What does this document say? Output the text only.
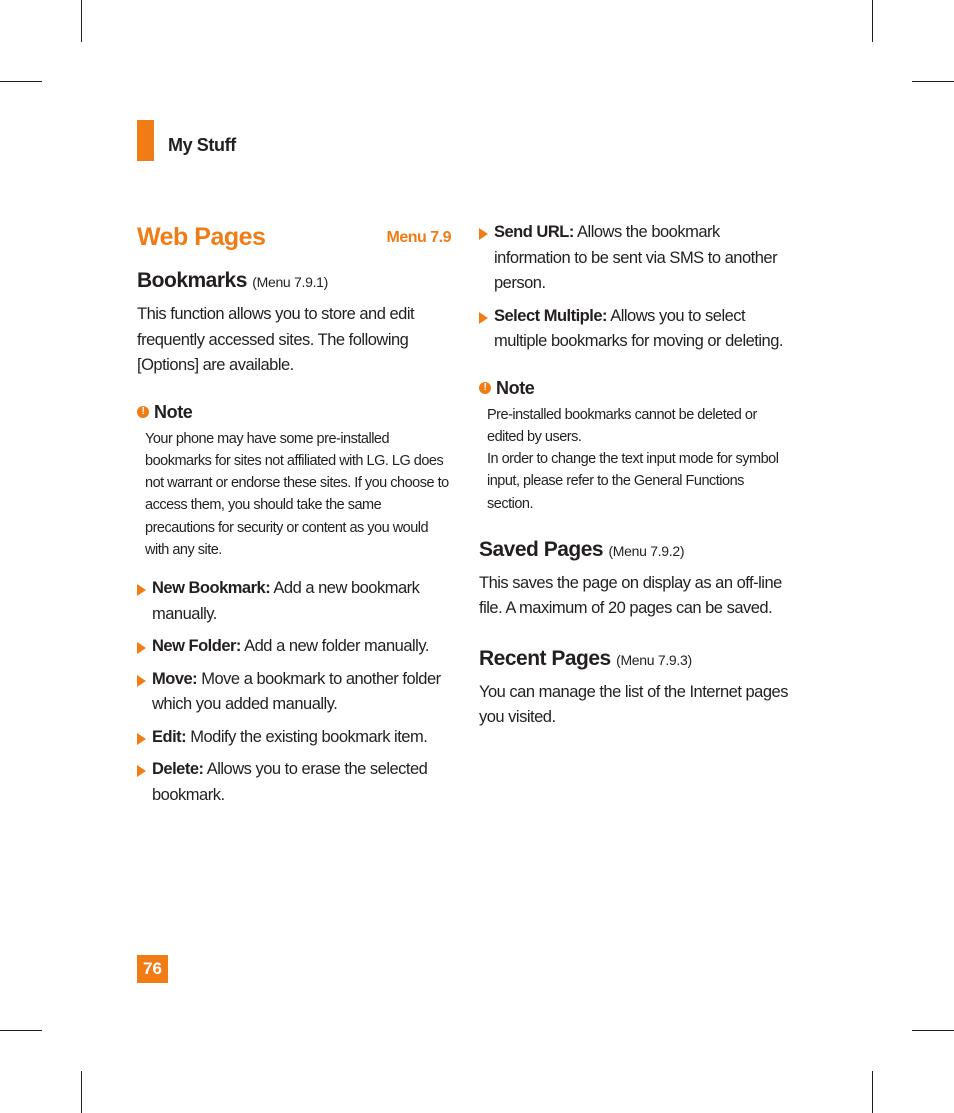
My Stuff
Web Pages	Menu 7.9
Bookmarks (Menu 7.9.1)

This function allows you to store and edit frequently accessed sites. The following [Options] are available.

! Note

Your phone may have some pre-installed bookmarks for sites not affiliated with LG. LG does not warrant or endorse these sites. If you choose to access them, you should take the same precautions for security or content as you would with any site.

New Bookmark: Add a new bookmark manually.
New Folder: Add a new folder manually.
Move: Move a bookmark to another folder which you added manually.
Edit: Modify the existing bookmark item.
Delete: Allows you to erase the selected bookmark.
Send URL: Allows the bookmark information to be sent via SMS to another person.
Select Multiple: Allows you to select multiple bookmarks for moving or deleting.
! Note

Pre-installed bookmarks cannot be deleted or edited by users.

In order to change the text input mode for symbol input, please refer to the General Functions section.

Saved Pages (Menu 7.9.2)

This saves the page on display as an off-line file. A maximum of 20 pages can be saved.

Recent Pages (Menu 7.9.3)

You can manage the list of the Internet pages you visited.

76
